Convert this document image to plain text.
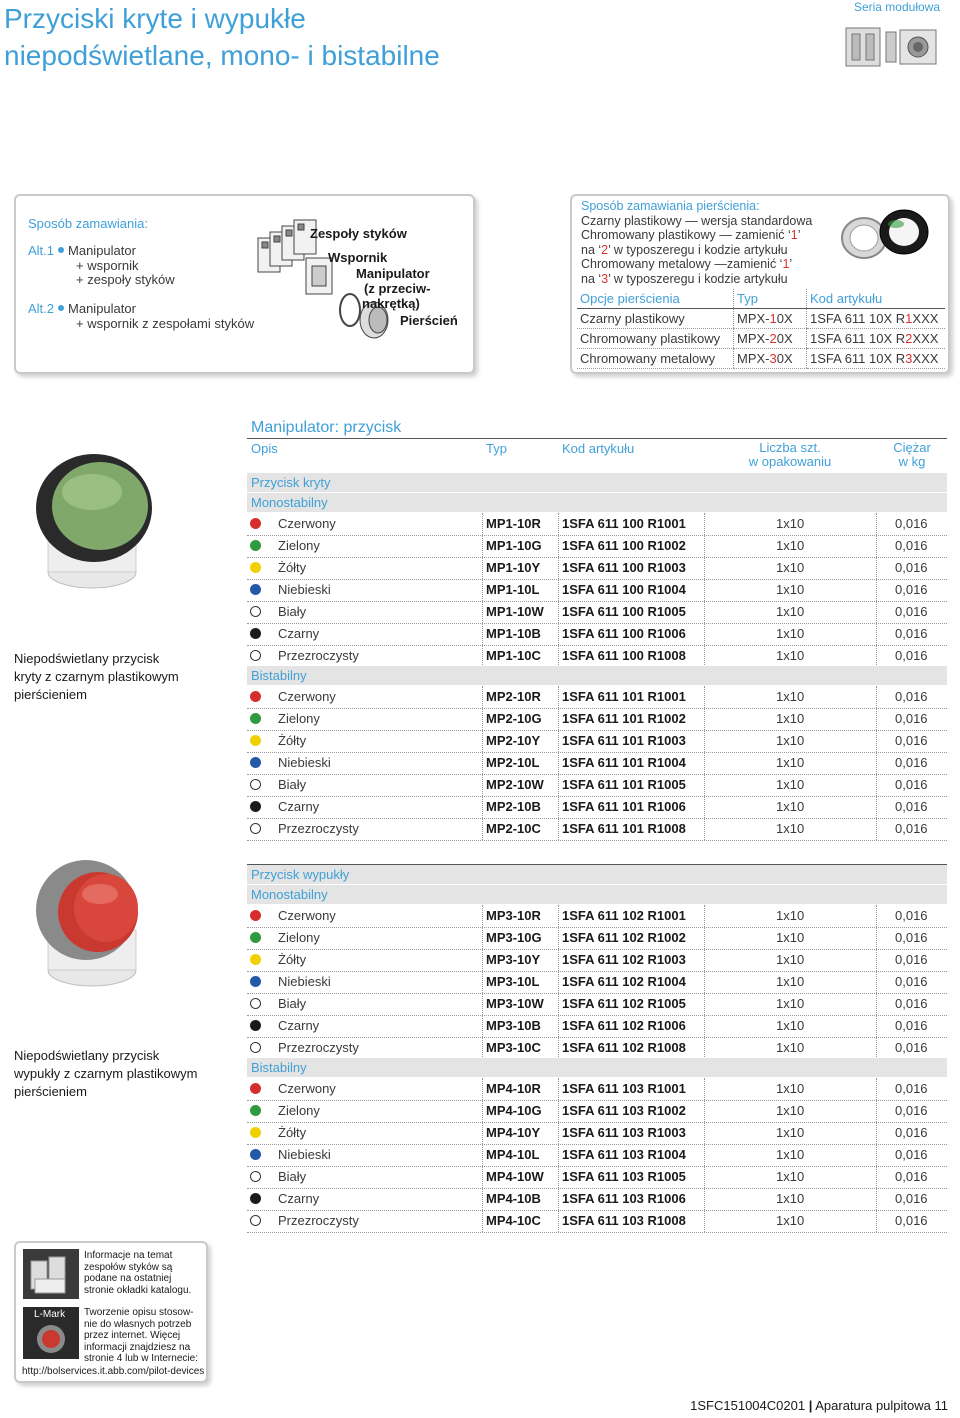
Przyciski kryte i wypukłe
niepodświetlane, mono- i bistabilne
Seria modułowa
Sposób zamawiania:
Alt.1 Manipulator
+ wspornik
+ zespoły styków
Alt.2 Manipulator
+ wspornik z zespołami styków
Zespoły styków
Wspornik
Manipulator
(z przeciw-
nakrętką)
Pierścień
Sposób zamawiania pierścienia:
Czarny plastikowy — wersja standardowa
Chromowany plastikowy — zamienić ‘1’
na ‘2’ w typoszeregu i kodzie artykułu
Chromowany metalowy —zamienić ‘1’
na ‘3’ w typoszeregu i kodzie artykułu
Opcje pierścienia	Typ	Kod artykułu
Czarny plastikowy	MPX-10X	1SFA 611 10X R1XXX
Chromowany plastikowy	MPX-20X	1SFA 611 10X R2XXX
Chromowany metalowy	MPX-30X	1SFA 611 10X R3XXX
Manipulator: przycisk
Opis	Typ	Kod artykułu	Liczba szt.
w opakowaniu
Ciężar
w kg
Przycisk kryty
Monostabilny
Czerwony	MP1-10R 1SFA 611 100 R1001	1x10	0,016
Zielony	MP1-10G 1SFA 611 100 R1002	1x10	0,016
Żółty	MP1-10Y 1SFA 611 100 R1003	1x10	0,016
Niebieski	MP1-10L 1SFA 611 100 R1004	1x10	0,016
Biały	MP1-10W 1SFA 611 100 R1005	1x10	0,016
Czarny	MP1-10B 1SFA 611 100 R1006	1x10	0,016
Przezroczysty	MP1-10C 1SFA 611 100 R1008	1x10	0,016
Bistabilny
Czerwony	MP2-10R 1SFA 611 101 R1001	1x10	0,016
Zielony	MP2-10G 1SFA 611 101 R1002	1x10	0,016
Żółty	MP2-10Y 1SFA 611 101 R1003	1x10	0,016
Niebieski	MP2-10L 1SFA 611 101 R1004	1x10	0,016
Biały	MP2-10W 1SFA 611 101 R1005	1x10	0,016
Czarny	MP2-10B 1SFA 611 101 R1006	1x10	0,016
Przezroczysty	MP2-10C 1SFA 611 101 R1008	1x10	0,016
Przycisk wypukły
Monostabilny
Czerwony	MP3-10R 1SFA 611 102 R1001	1x10	0,016
Zielony	MP3-10G 1SFA 611 102 R1002	1x10	0,016
Żółty	MP3-10Y 1SFA 611 102 R1003	1x10	0,016
Niebieski	MP3-10L 1SFA 611 102 R1004	1x10	0,016
Biały	MP3-10W 1SFA 611 102 R1005	1x10	0,016
Czarny	MP3-10B 1SFA 611 102 R1006	1x10	0,016
Przezroczysty	MP3-10C 1SFA 611 102 R1008	1x10	0,016
Bistabilny
Czerwony	MP4-10R 1SFA 611 103 R1001	1x10	0,016
Zielony	MP4-10G 1SFA 611 103 R1002	1x10	0,016
Żółty	MP4-10Y 1SFA 611 103 R1003	1x10	0,016
Niebieski	MP4-10L 1SFA 611 103 R1004	1x10	0,016
Biały	MP4-10W 1SFA 611 103 R1005	1x10	0,016
Czarny	MP4-10B 1SFA 611 103 R1006	1x10	0,016
Przezroczysty	MP4-10C 1SFA 611 103 R1008	1x10	0,016
Niepodświetlany przycisk
kryty z czarnym plastikowym
pierścieniem
Niepodświetlany przycisk
wypukły z czarnym plastikowym
pierścieniem
Informacje na temat
zespołów styków są
podane na ostatniej
stronie okładki katalogu.
L-Mark Tworzenie opisu stosow-
nie do własnych potrzeb
przez internet. Więcej
informacji znajdziesz na
stronie 4 lub w Internecie:
http://bolservices.it.abb.com/pilot-devices
1SFC151004C0201 | Aparatura pulpitowa 11
